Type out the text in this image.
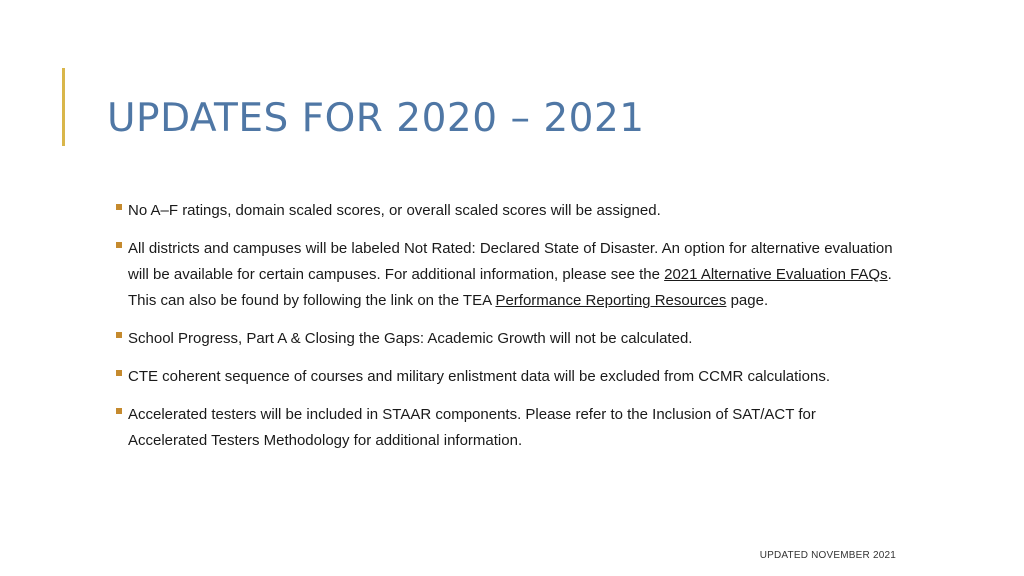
UPDATES FOR 2020 – 2021
No A–F ratings, domain scaled scores, or overall scaled scores will be assigned.
All districts and campuses will be labeled Not Rated: Declared State of Disaster. An option for alternative evaluation will be available for certain campuses. For additional information, please see the 2021 Alternative Evaluation FAQs. This can also be found by following the link on the TEA Performance Reporting Resources page.
School Progress, Part A & Closing the Gaps: Academic Growth will not be calculated.
CTE coherent sequence of courses and military enlistment data will be excluded from CCMR calculations.
Accelerated testers will be included in STAAR components. Please refer to the Inclusion of SAT/ACT for Accelerated Testers Methodology for additional information.
UPDATED NOVEMBER 2021
